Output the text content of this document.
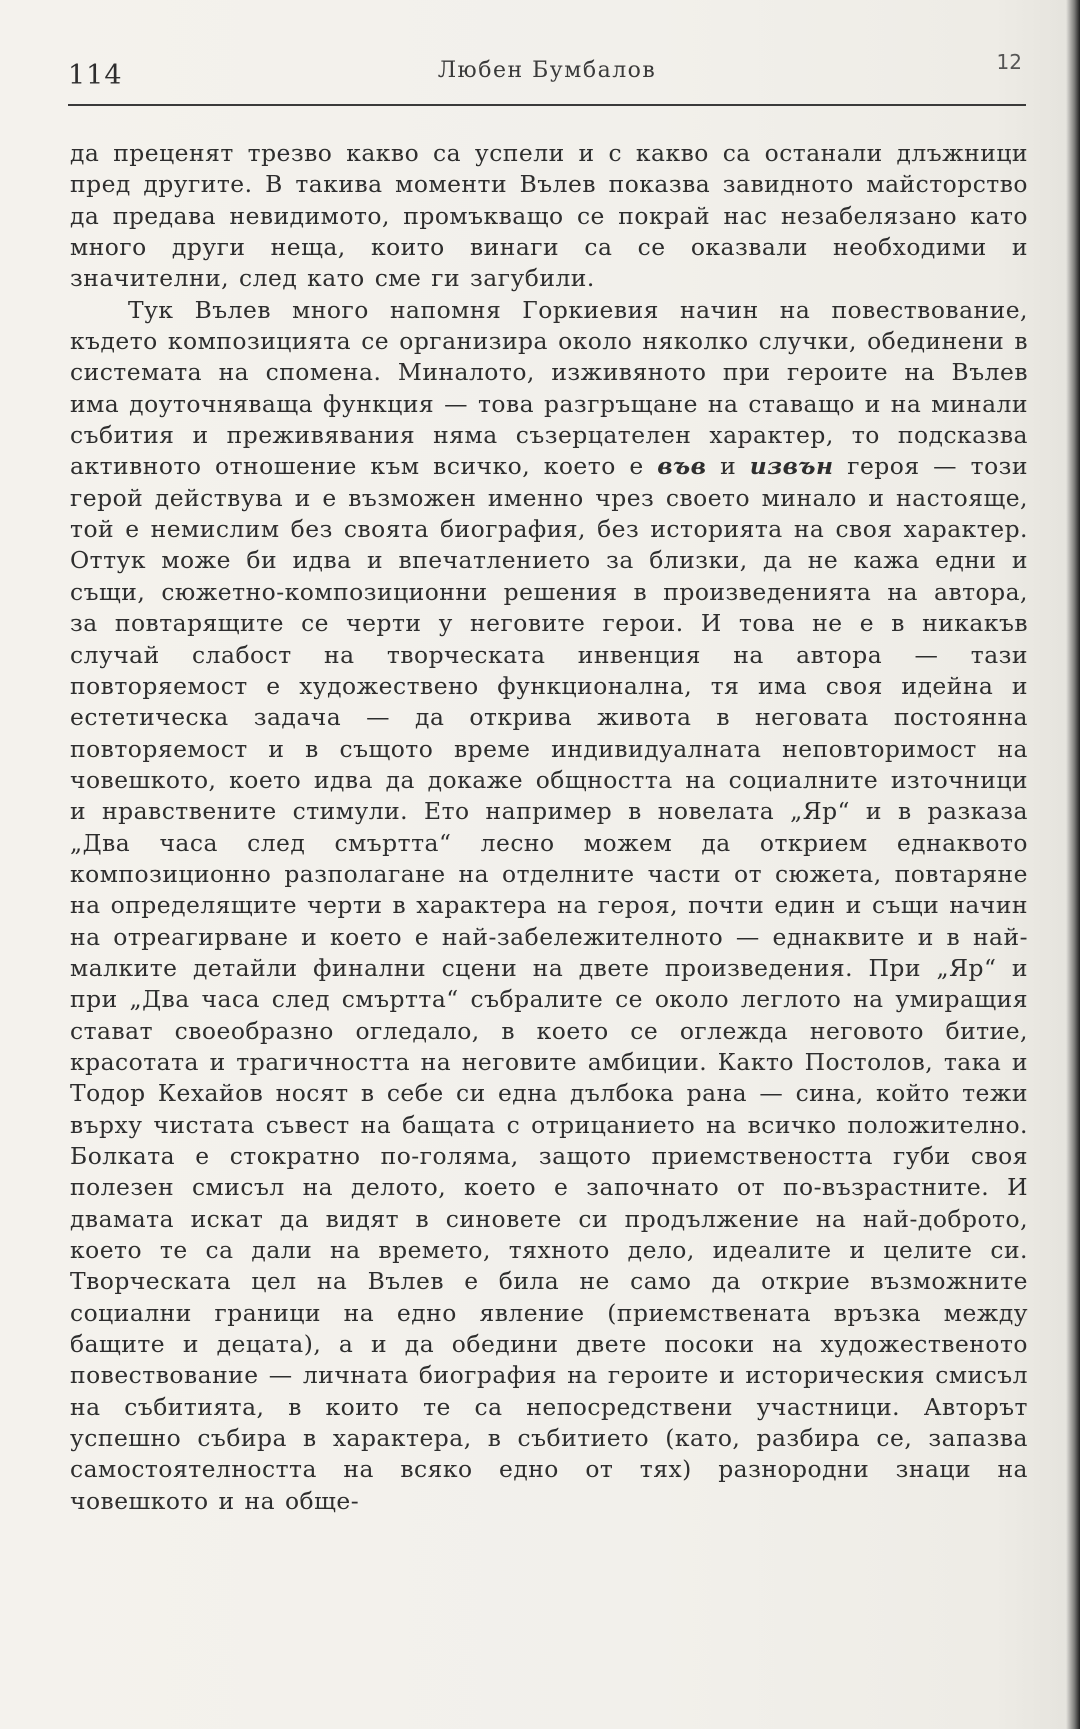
114	Любен Бумбалов	12

да преценят трезво какво са успели и с какво са останали длъжници пред другите. В такива моменти Вълев показва завидното майсторство да предава невидимото, промъкващо се покрай нас незабелязано като много други неща, които винаги са се оказвали необходими и значителни, след като сме ги загубили.

Тук Вълев много напомня Горкиевия начин на повествование, където композицията се организира около няколко случки, обединени в системата на спомена. Миналото, изживяното при героите на Вълев има доуточняваща функция — това разгръщане на ставащо и на минали събития и преживявания няма съзерцателен характер, то подсказва активното отношение към всичко, което е във и извън героя — този герой действува и е възможен именно чрез своето минало и настояще, той е немислим без своята биография, без историята на своя характер. Оттук може би идва и впечатлението за близки, да не кажа едни и същи, сюжетно-композиционни решения в произведенията на автора, за повтарящите се черти у неговите герои. И това не е в никакъв случай слабост на творческата инвенция на автора — тази повторяемост е художествено функционална, тя има своя идейна и естетическа задача — да открива живота в неговата постоянна повторяемост и в същото време индивидуалната неповторимост на човешкото, което идва да докаже общността на социалните източници и нравствените стимули. Ето например в новелата „Яр“ и в разказа „Два часа след смъртта“ лесно можем да открием еднаквото композиционно разполагане на отделните части от сюжета, повтаряне на определящите черти в характера на героя, почти един и същи начин на отреагирване и което е най-забележителното — еднаквите и в най-малките детайли финални сцени на двете произведения. При „Яр“ и при „Два часа след смъртта“ събралите се около леглото на умиращия стават своеобразно огледало, в което се оглежда неговото битие, красотата и трагичността на неговите амбиции. Както Постолов, така и Тодор Кехайов носят в себе си една дълбока рана — сина, който тежи върху чистата съвест на бащата с отрицанието на всичко положително. Болката е стократно по-голяма, защото приемствеността губи своя полезен смисъл на делото, което е започнато от по-възрастните. И двамата искат да видят в синовете си продължение на най-доброто, което те са дали на времето, тяхното дело, идеалите и целите си. Творческата цел на Вълев е била не само да открие възможните социални граници на едно явление (приемствената връзка между бащите и децата), а и да обедини двете посоки на художественото повествование — личната биография на героите и историческия смисъл на събитията, в които те са непосредствени участници. Авторът успешно събира в характера, в събитието (като, разбира се, запазва самостоятелността на всяко едно от тях) разнородни знаци на човешкото и на обще-
